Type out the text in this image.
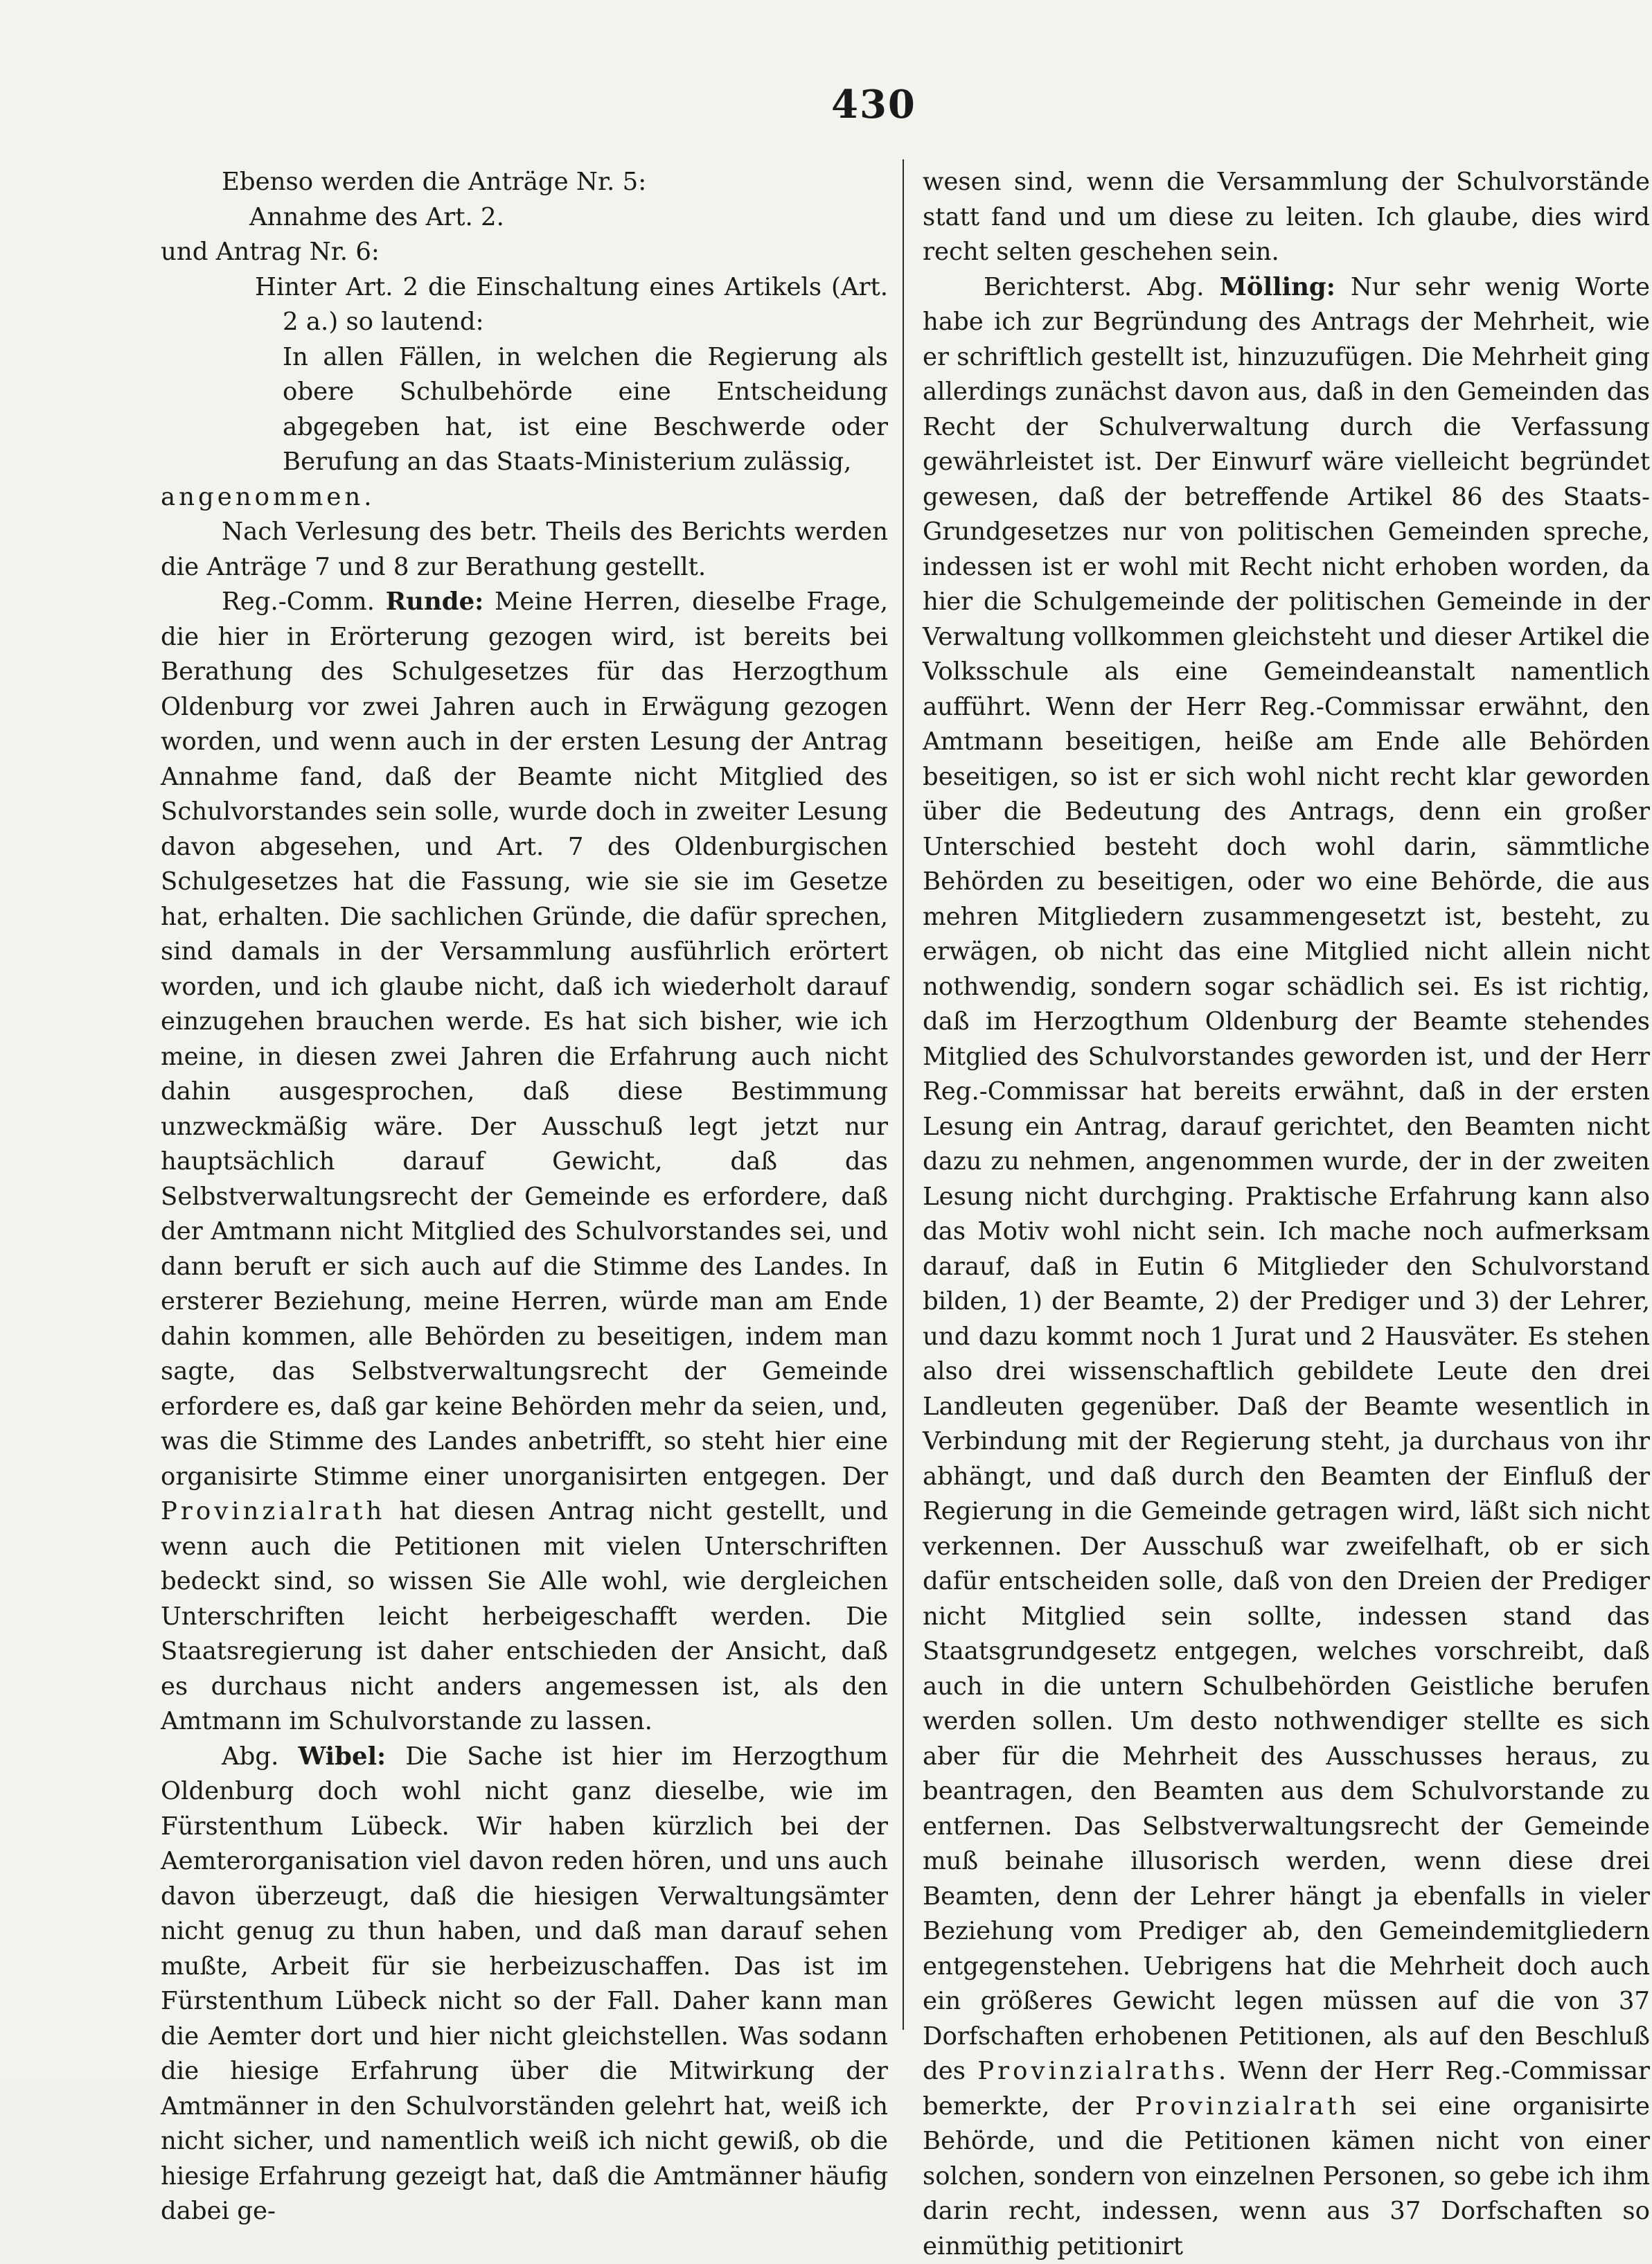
430

Ebenso werden die Anträge Nr. 5:

Annahme des Art. 2.

und Antrag Nr. 6:

Hinter Art. 2 die Einschaltung eines Artikels (Art. 2 a.) so lautend:

In allen Fällen, in welchen die Regierung als obere Schulbehörde eine Entscheidung abgegeben hat, ist eine Beschwerde oder Berufung an das Staats-Ministerium zulässig,

angenommen.

Nach Verlesung des betr. Theils des Berichts werden die Anträge 7 und 8 zur Berathung gestellt.

Reg.-Comm. Runde: Meine Herren, dieselbe Frage, die hier in Erörterung gezogen wird, ist bereits bei Berathung des Schulgesetzes für das Herzogthum Oldenburg vor zwei Jahren auch in Erwägung gezogen worden, und wenn auch in der ersten Lesung der Antrag Annahme fand, daß der Beamte nicht Mitglied des Schulvorstandes sein solle, wurde doch in zweiter Lesung davon abgesehen, und Art. 7 des Oldenburgischen Schulgesetzes hat die Fassung, wie sie sie im Gesetze hat, erhalten. Die sachlichen Gründe, die dafür sprechen, sind damals in der Versammlung ausführlich erörtert worden, und ich glaube nicht, daß ich wiederholt darauf einzugehen brauchen werde. Es hat sich bisher, wie ich meine, in diesen zwei Jahren die Erfahrung auch nicht dahin ausgesprochen, daß diese Bestimmung unzweckmäßig wäre. Der Ausschuß legt jetzt nur hauptsächlich darauf Gewicht, daß das Selbstverwaltungsrecht der Gemeinde es erfordere, daß der Amtmann nicht Mitglied des Schulvorstandes sei, und dann beruft er sich auch auf die Stimme des Landes. In ersterer Beziehung, meine Herren, würde man am Ende dahin kommen, alle Behörden zu beseitigen, indem man sagte, das Selbstverwaltungsrecht der Gemeinde erfordere es, daß gar keine Behörden mehr da seien, und, was die Stimme des Landes anbetrifft, so steht hier eine organisirte Stimme einer unorganisirten entgegen. Der Provinzialrath hat diesen Antrag nicht gestellt, und wenn auch die Petitionen mit vielen Unterschriften bedeckt sind, so wissen Sie Alle wohl, wie dergleichen Unterschriften leicht herbeigeschafft werden. Die Staatsregierung ist daher entschieden der Ansicht, daß es durchaus nicht anders angemessen ist, als den Amtmann im Schulvorstande zu lassen.

Abg. Wibel: Die Sache ist hier im Herzogthum Oldenburg doch wohl nicht ganz dieselbe, wie im Fürstenthum Lübeck. Wir haben kürzlich bei der Aemterorganisation viel davon reden hören, und uns auch davon überzeugt, daß die hiesigen Verwaltungsämter nicht genug zu thun haben, und daß man darauf sehen mußte, Arbeit für sie herbeizuschaffen. Das ist im Fürstenthum Lübeck nicht so der Fall. Daher kann man die Aemter dort und hier nicht gleichstellen. Was sodann die hiesige Erfahrung über die Mitwirkung der Amtmänner in den Schulvorständen gelehrt hat, weiß ich nicht sicher, und namentlich weiß ich nicht gewiß, ob die hiesige Erfahrung gezeigt hat, daß die Amtmänner häufig dabei ge-

wesen sind, wenn die Versammlung der Schulvorstände statt fand und um diese zu leiten. Ich glaube, dies wird recht selten geschehen sein.

Berichterst. Abg. Mölling: Nur sehr wenig Worte habe ich zur Begründung des Antrags der Mehrheit, wie er schriftlich gestellt ist, hinzuzufügen. Die Mehrheit ging allerdings zunächst davon aus, daß in den Gemeinden das Recht der Schulverwaltung durch die Verfassung gewährleistet ist. Der Einwurf wäre vielleicht begründet gewesen, daß der betreffende Artikel 86 des Staats-Grundgesetzes nur von politischen Gemeinden spreche, indessen ist er wohl mit Recht nicht erhoben worden, da hier die Schulgemeinde der politischen Gemeinde in der Verwaltung vollkommen gleichsteht und dieser Artikel die Volksschule als eine Gemeindeanstalt namentlich aufführt. Wenn der Herr Reg.-Commissar erwähnt, den Amtmann beseitigen, heiße am Ende alle Behörden beseitigen, so ist er sich wohl nicht recht klar geworden über die Bedeutung des Antrags, denn ein großer Unterschied besteht doch wohl darin, sämmtliche Behörden zu beseitigen, oder wo eine Behörde, die aus mehren Mitgliedern zusammengesetzt ist, besteht, zu erwägen, ob nicht das eine Mitglied nicht allein nicht nothwendig, sondern sogar schädlich sei. Es ist richtig, daß im Herzogthum Oldenburg der Beamte stehendes Mitglied des Schulvorstandes geworden ist, und der Herr Reg.-Commissar hat bereits erwähnt, daß in der ersten Lesung ein Antrag, darauf gerichtet, den Beamten nicht dazu zu nehmen, angenommen wurde, der in der zweiten Lesung nicht durchging. Praktische Erfahrung kann also das Motiv wohl nicht sein. Ich mache noch aufmerksam darauf, daß in Eutin 6 Mitglieder den Schulvorstand bilden, 1) der Beamte, 2) der Prediger und 3) der Lehrer, und dazu kommt noch 1 Jurat und 2 Hausväter. Es stehen also drei wissenschaftlich gebildete Leute den drei Landleuten gegenüber. Daß der Beamte wesentlich in Verbindung mit der Regierung steht, ja durchaus von ihr abhängt, und daß durch den Beamten der Einfluß der Regierung in die Gemeinde getragen wird, läßt sich nicht verkennen. Der Ausschuß war zweifelhaft, ob er sich dafür entscheiden solle, daß von den Dreien der Prediger nicht Mitglied sein sollte, indessen stand das Staatsgrundgesetz entgegen, welches vorschreibt, daß auch in die untern Schulbehörden Geistliche berufen werden sollen. Um desto nothwendiger stellte es sich aber für die Mehrheit des Ausschusses heraus, zu beantragen, den Beamten aus dem Schulvorstande zu entfernen. Das Selbstverwaltungsrecht der Gemeinde muß beinahe illusorisch werden, wenn diese drei Beamten, denn der Lehrer hängt ja ebenfalls in vieler Beziehung vom Prediger ab, den Gemeindemitgliedern entgegenstehen. Uebrigens hat die Mehrheit doch auch ein größeres Gewicht legen müssen auf die von 37 Dorfschaften erhobenen Petitionen, als auf den Beschluß des Provinzialraths. Wenn der Herr Reg.-Commissar bemerkte, der Provinzialrath sei eine organisirte Behörde, und die Petitionen kämen nicht von einer solchen, sondern von einzelnen Personen, so gebe ich ihm darin recht, indessen, wenn aus 37 Dorfschaften so einmüthig petitionirt
